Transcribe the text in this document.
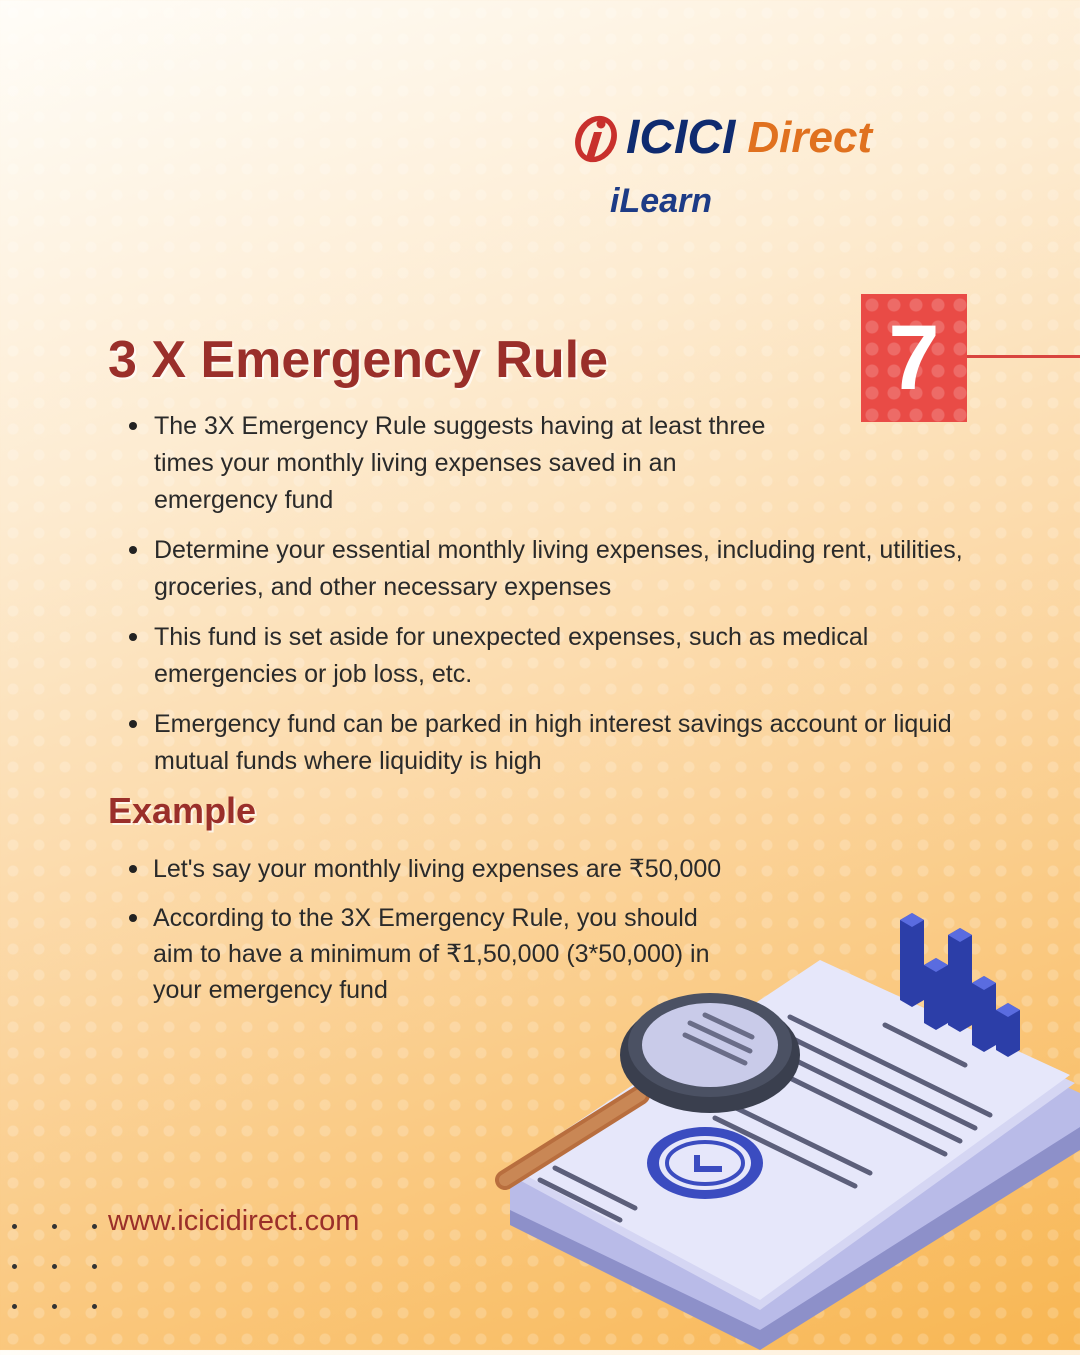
ICICI Direct
iLearn
7
3 X Emergency Rule
The 3X Emergency Rule suggests having at least three times your monthly living expenses saved in an emergency fund
Determine your essential monthly living expenses, including rent, utilities, groceries, and other necessary expenses
This fund is set aside for unexpected expenses, such as medical emergencies or job loss, etc.
Emergency fund can be parked in high interest savings account or liquid mutual funds where liquidity is high
Example
Let's say your monthly living expenses are ₹50,000
According to the 3X Emergency Rule, you should aim to have a minimum of ₹1,50,000 (3*50,000) in your emergency fund
www.icicidirect.com
